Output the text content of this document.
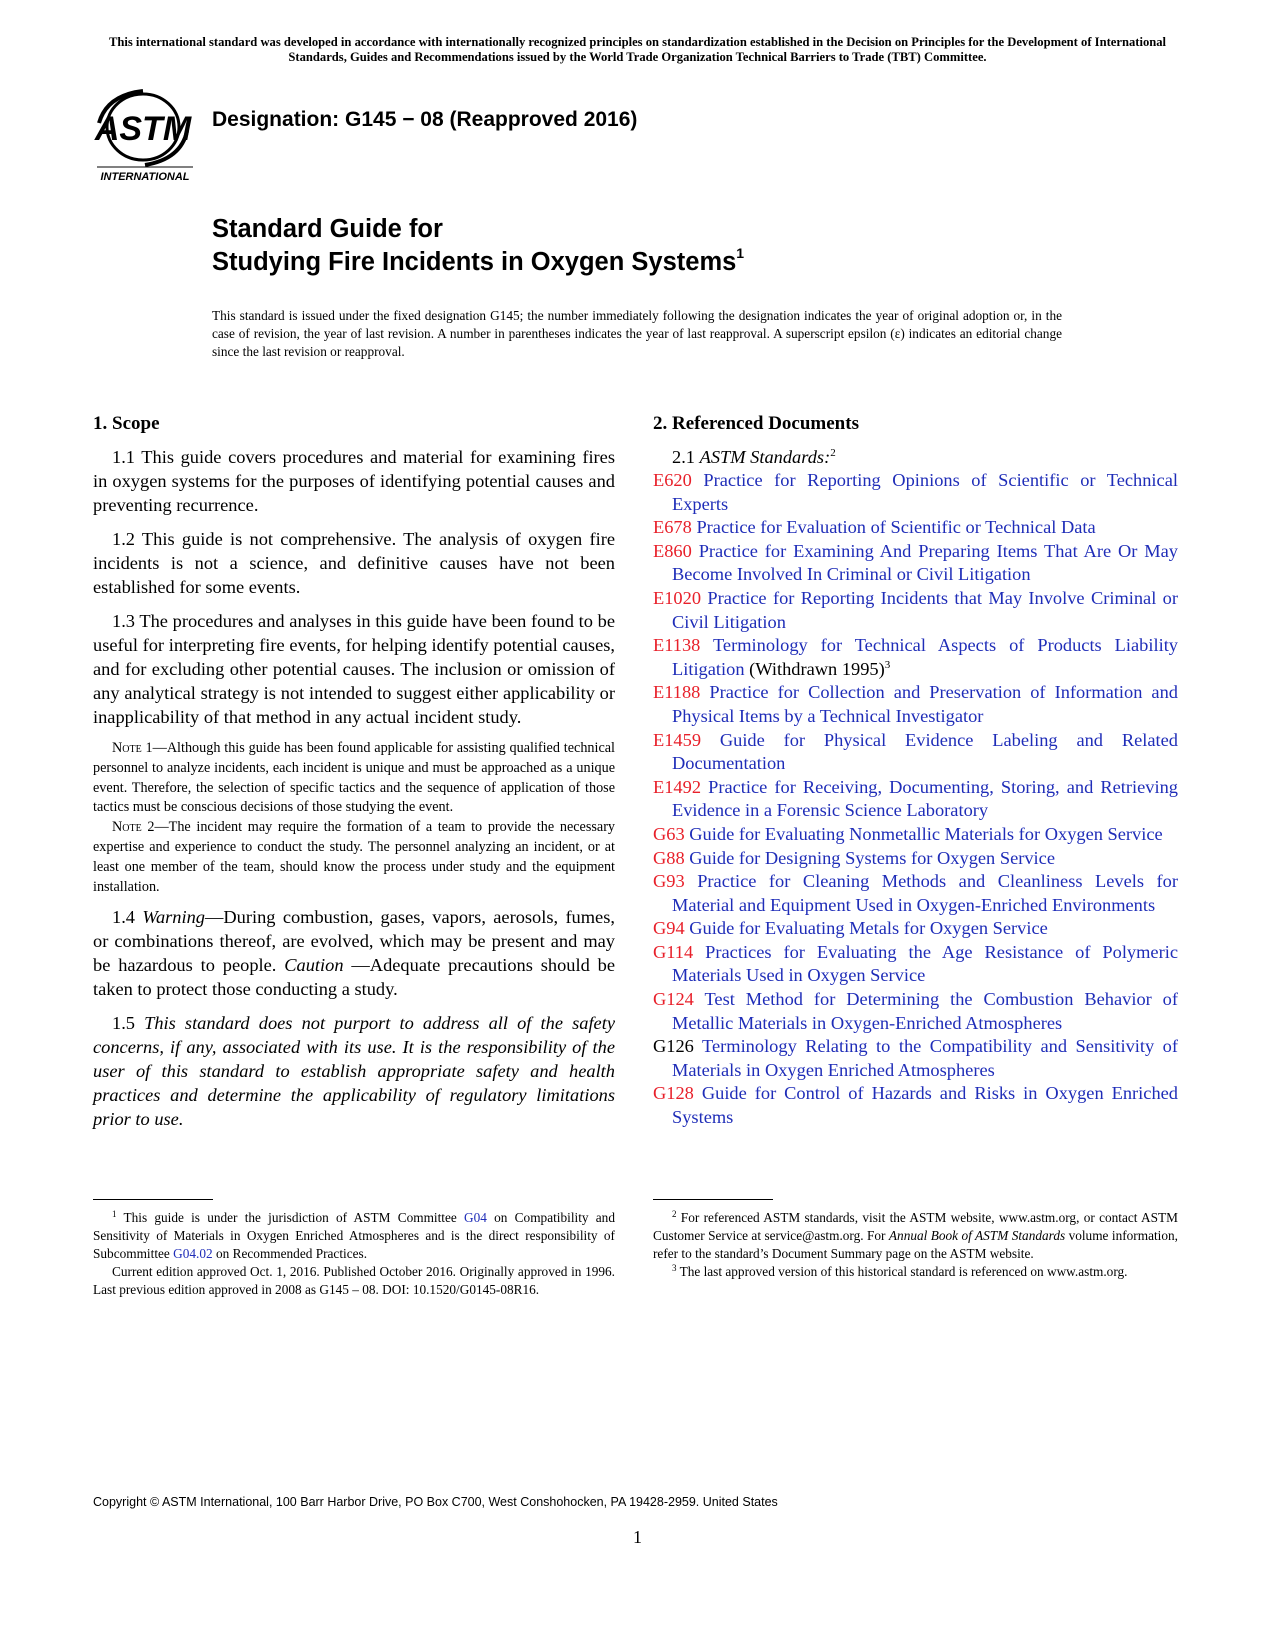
This international standard was developed in accordance with internationally recognized principles on standardization established in the Decision on Principles for the Development of International Standards, Guides and Recommendations issued by the World Trade Organization Technical Barriers to Trade (TBT) Committee.
ASTM
INTERNATIONAL
Designation: G145 − 08 (Reapproved 2016)
Standard Guide for
Studying Fire Incidents in Oxygen Systems$^1$
This standard is issued under the fixed designation G145; the number immediately following the designation indicates the year of original adoption or, in the case of revision, the year of last revision. A number in parentheses indicates the year of last reapproval. A superscript epsilon (ε) indicates an editorial change since the last revision or reapproval.
1. Scope

1.1 This guide covers procedures and material for examining fires in oxygen systems for the purposes of identifying potential causes and preventing recurrence.

1.2 This guide is not comprehensive. The analysis of oxygen fire incidents is not a science, and definitive causes have not been established for some events.

1.3 The procedures and analyses in this guide have been found to be useful for interpreting fire events, for helping identify potential causes, and for excluding other potential causes. The inclusion or omission of any analytical strategy is not intended to suggest either applicability or inapplicability of that method in any actual incident study.

Note 1—Although this guide has been found applicable for assisting qualified technical personnel to analyze incidents, each incident is unique and must be approached as a unique event. Therefore, the selection of specific tactics and the sequence of application of those tactics must be conscious decisions of those studying the event.

Note 2—The incident may require the formation of a team to provide the necessary expertise and experience to conduct the study. The personnel analyzing an incident, or at least one member of the team, should know the process under study and the equipment installation.

1.4 Warning—During combustion, gases, vapors, aerosols, fumes, or combinations thereof, are evolved, which may be present and may be hazardous to people. Caution —Adequate precautions should be taken to protect those conducting a study.

1.5 This standard does not purport to address all of the safety concerns, if any, associated with its use. It is the responsibility of the user of this standard to establish appropriate safety and health practices and determine the applicability of regulatory limitations prior to use.

2. Referenced Documents
2.1 ASTM Standards:$^2$
E620 Practice for Reporting Opinions of Scientific or Technical Experts
E678 Practice for Evaluation of Scientific or Technical Data
E860 Practice for Examining And Preparing Items That Are Or May Become Involved In Criminal or Civil Litigation
E1020 Practice for Reporting Incidents that May Involve Criminal or Civil Litigation
E1138 Terminology for Technical Aspects of Products Liability Litigation (Withdrawn 1995)$^3$
E1188 Practice for Collection and Preservation of Information and Physical Items by a Technical Investigator
E1459 Guide for Physical Evidence Labeling and Related Documentation
E1492 Practice for Receiving, Documenting, Storing, and Retrieving Evidence in a Forensic Science Laboratory
G63 Guide for Evaluating Nonmetallic Materials for Oxygen Service
G88 Guide for Designing Systems for Oxygen Service
G93 Practice for Cleaning Methods and Cleanliness Levels for Material and Equipment Used in Oxygen-Enriched Environments
G94 Guide for Evaluating Metals for Oxygen Service
G114 Practices for Evaluating the Age Resistance of Polymeric Materials Used in Oxygen Service
G124 Test Method for Determining the Combustion Behavior of Metallic Materials in Oxygen-Enriched Atmospheres
G126 Terminology Relating to the Compatibility and Sensitivity of Materials in Oxygen Enriched Atmospheres
G128 Guide for Control of Hazards and Risks in Oxygen Enriched Systems

$^1$ This guide is under the jurisdiction of ASTM Committee G04 on Compatibility and Sensitivity of Materials in Oxygen Enriched Atmospheres and is the direct responsibility of Subcommittee G04.02 on Recommended Practices.

Current edition approved Oct. 1, 2016. Published October 2016. Originally approved in 1996. Last previous edition approved in 2008 as G145 – 08. DOI: 10.1520/G0145-08R16.

$^2$ For referenced ASTM standards, visit the ASTM website, www.astm.org, or contact ASTM Customer Service at service@astm.org. For Annual Book of ASTM Standards volume information, refer to the standard’s Document Summary page on the ASTM website.

$^3$ The last approved version of this historical standard is referenced on www.astm.org.

Copyright © ASTM International, 100 Barr Harbor Drive, PO Box C700, West Conshohocken, PA 19428-2959. United States
1
